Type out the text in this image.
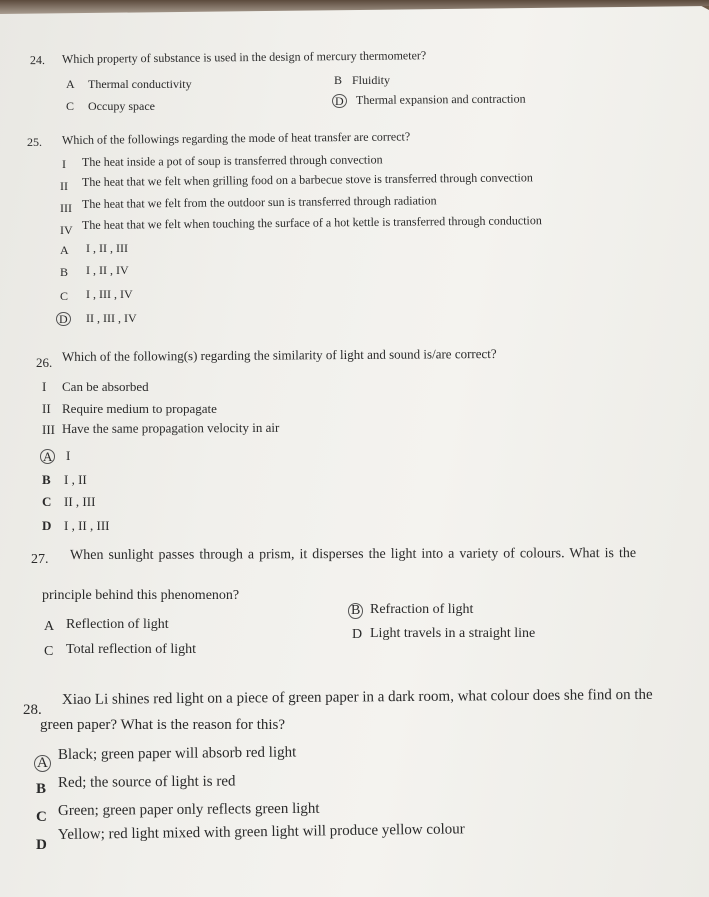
24. Which property of substance is used in the design of mercury thermometer?
A Thermal conductivity	B Fluidity
C Occupy space	D Thermal expansion and contraction
25. Which of the followings regarding the mode of heat transfer are correct?
I The heat inside a pot of soup is transferred through convection
II The heat that we felt when grilling food on a barbecue stove is transferred through convection
III The heat that we felt from the outdoor sun is transferred through radiation
IV The heat that we felt when touching the surface of a hot kettle is transferred through conduction
A I , II , III
B I , II , IV
C I , III , IV
D II , III , IV
26. Which of the following(s) regarding the similarity of light and sound is/are correct?
I Can be absorbed
II Require medium to propagate
III Have the same propagation velocity in air
A I
B I , II
C II , III
D I , II , III
27. When sunlight passes through a prism, it disperses the light into a variety of colours. What is the
principle behind this phenomenon?
A Reflection of light
B Refraction of light
C Total reflection of light
D Light travels in a straight line
28.
Xiao Li shines red light on a piece of green paper in a dark room, what colour does she find on the
green paper? What is the reason for this?
A
Black; green paper will absorb red light
B Red; the source of light is red
C Green; green paper only reflects green light
D
Yellow; red light mixed with green light will produce yellow colour
